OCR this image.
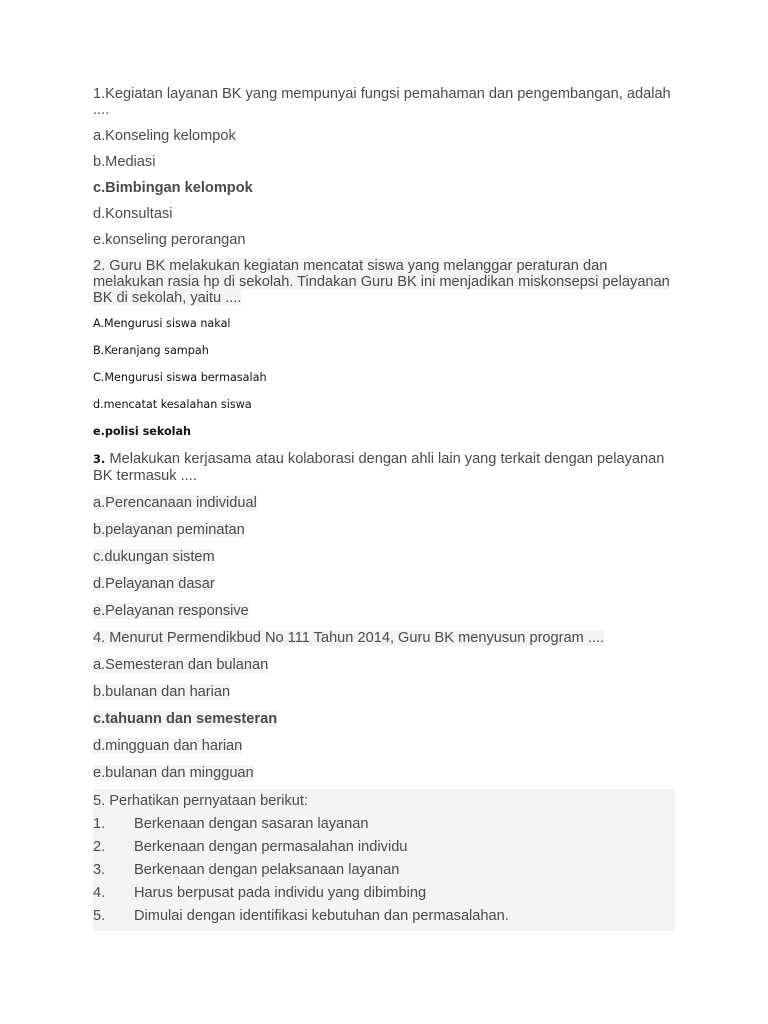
1.Kegiatan layanan BK yang mempunyai fungsi pemahaman dan pengembangan, adalah ....

a.Konseling kelompok

b.Mediasi

c.Bimbingan kelompok

d.Konsultasi

e.konseling perorangan

2. Guru BK melakukan kegiatan mencatat siswa yang melanggar peraturan dan melakukan rasia hp di sekolah. Tindakan Guru BK ini menjadikan miskonsepsi pelayanan BK di sekolah, yaitu ....

A.Mengurusi siswa nakal

B.Keranjang sampah

C.Mengurusi siswa bermasalah

d.mencatat kesalahan siswa

e.polisi sekolah

3. Melakukan kerjasama atau kolaborasi dengan ahli lain yang terkait dengan pelayanan BK termasuk ....

a.Perencanaan individual

b.pelayanan peminatan

c.dukungan sistem

d.Pelayanan dasar

e.Pelayanan responsive

4. Menurut Permendikbud No 111 Tahun 2014, Guru BK menyusun program ....

a.Semesteran dan bulanan

b.bulanan dan harian

c.tahuann dan semesteran

d.mingguan dan harian

e.bulanan dan mingguan

5. Perhatikan pernyataan berikut:

1. Berkenaan dengan sasaran layanan

2. Berkenaan dengan permasalahan individu

3. Berkenaan dengan pelaksanaan layanan

4. Harus berpusat pada individu yang dibimbing

5. Dimulai dengan identifikasi kebutuhan dan permasalahan.
